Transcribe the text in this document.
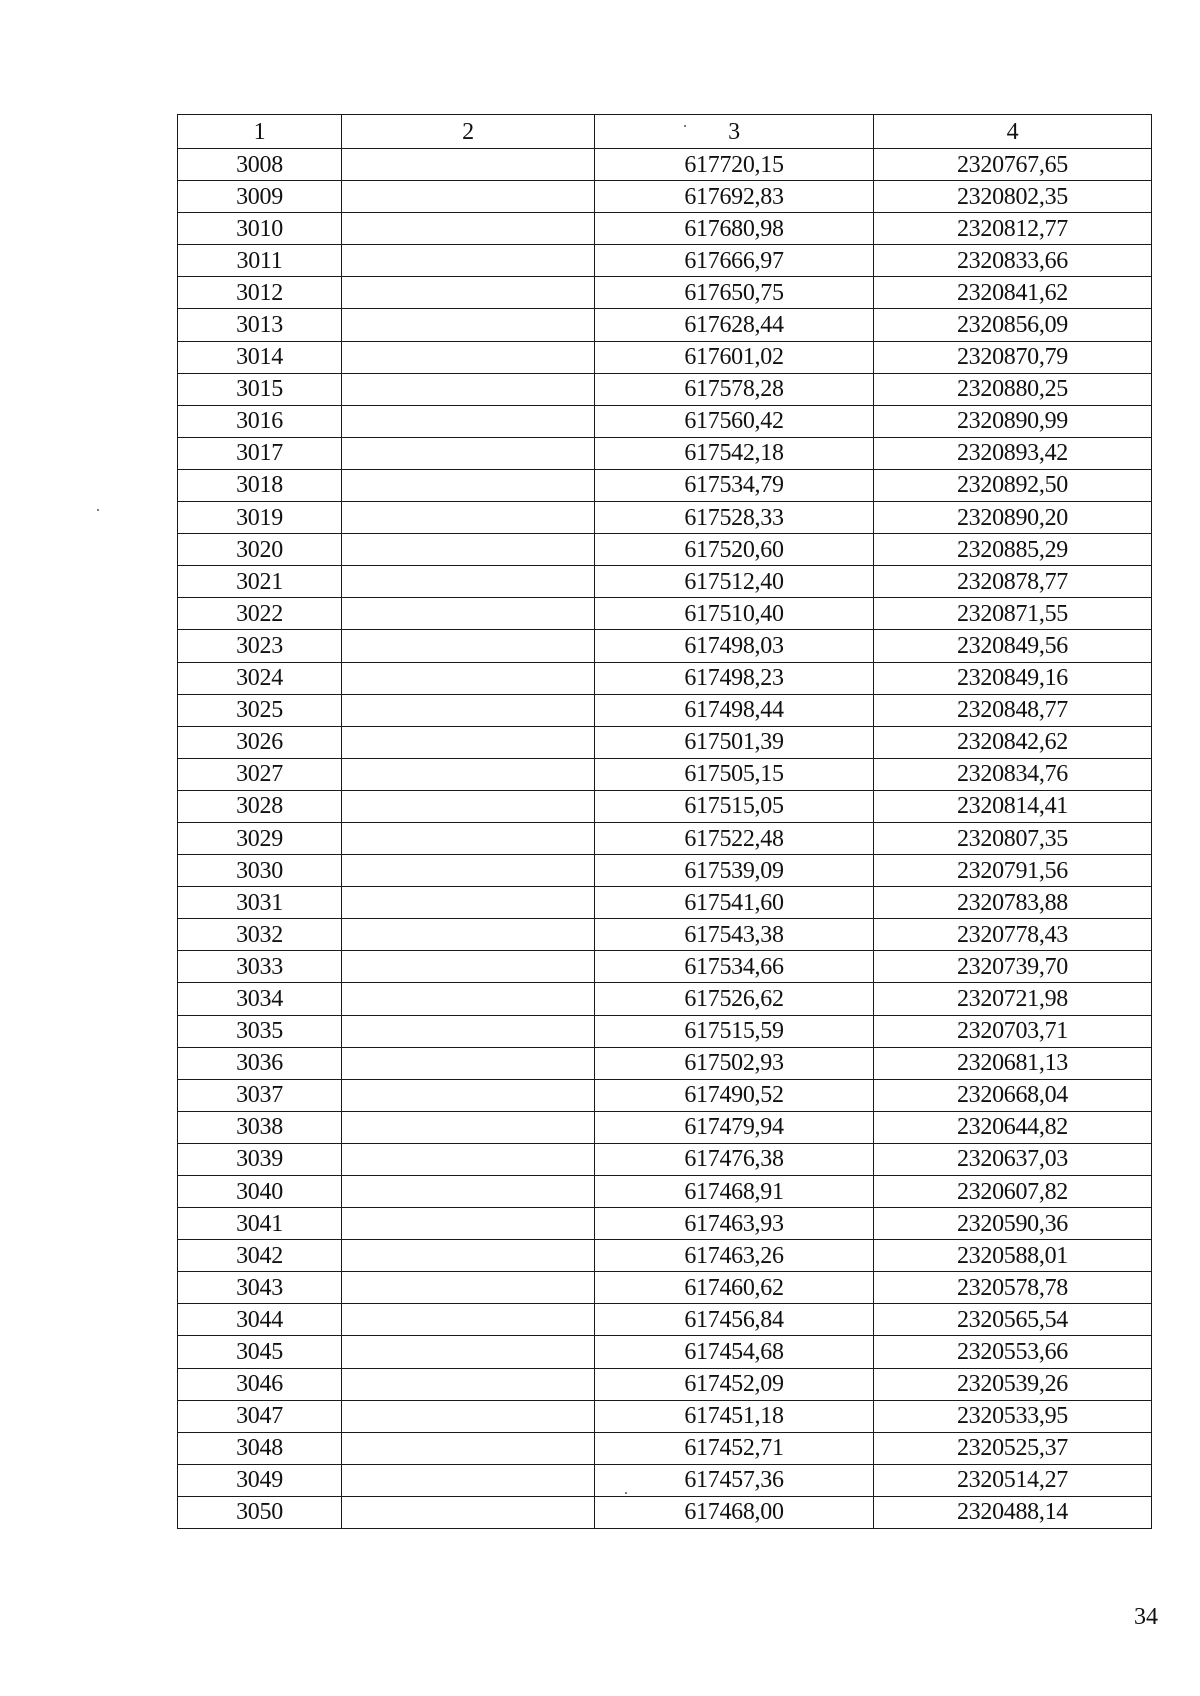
1	2	3	4
3008		617720,15	2320767,65
3009		617692,83	2320802,35
3010		617680,98	2320812,77
3011		617666,97	2320833,66
3012		617650,75	2320841,62
3013		617628,44	2320856,09
3014		617601,02	2320870,79
3015		617578,28	2320880,25
3016		617560,42	2320890,99
3017		617542,18	2320893,42
3018		617534,79	2320892,50
3019		617528,33	2320890,20
3020		617520,60	2320885,29
3021		617512,40	2320878,77
3022		617510,40	2320871,55
3023		617498,03	2320849,56
3024		617498,23	2320849,16
3025		617498,44	2320848,77
3026		617501,39	2320842,62
3027		617505,15	2320834,76
3028		617515,05	2320814,41
3029		617522,48	2320807,35
3030		617539,09	2320791,56
3031		617541,60	2320783,88
3032		617543,38	2320778,43
3033		617534,66	2320739,70
3034		617526,62	2320721,98
3035		617515,59	2320703,71
3036		617502,93	2320681,13
3037		617490,52	2320668,04
3038		617479,94	2320644,82
3039		617476,38	2320637,03
3040		617468,91	2320607,82
3041		617463,93	2320590,36
3042		617463,26	2320588,01
3043		617460,62	2320578,78
3044		617456,84	2320565,54
3045		617454,68	2320553,66
3046		617452,09	2320539,26
3047		617451,18	2320533,95
3048		617452,71	2320525,37
3049		617457,36	2320514,27
3050		617468,00	2320488,14
34
